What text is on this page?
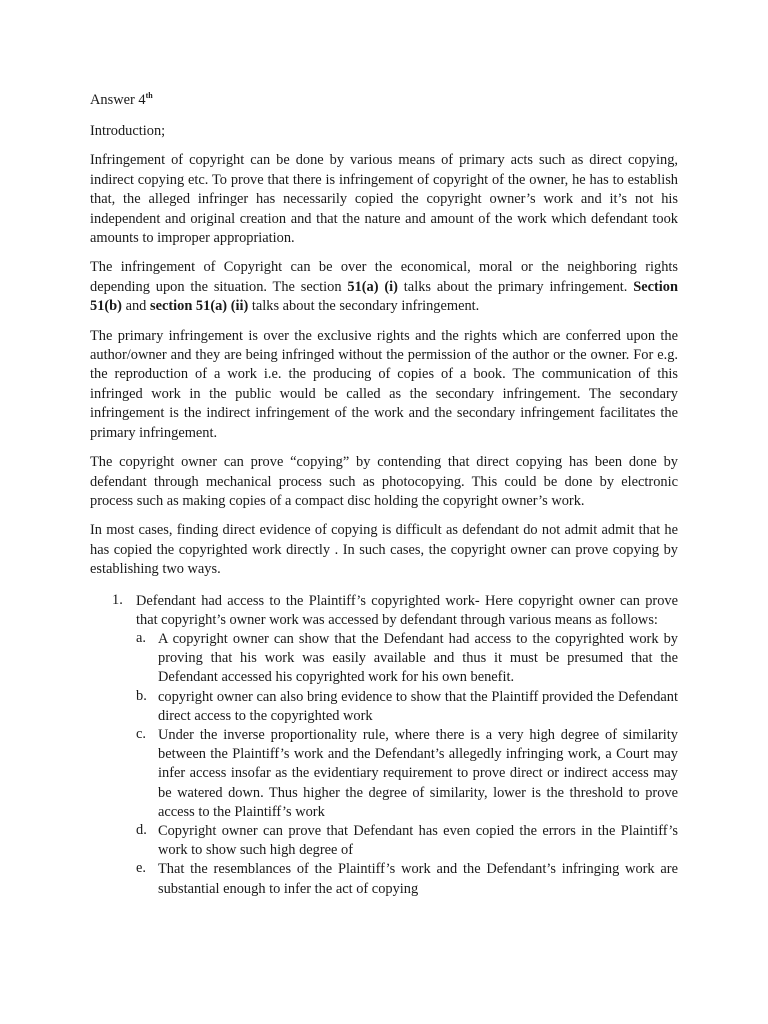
Answer 4th

Introduction;

Infringement of copyright can be done by various means of primary acts such as direct copying, indirect copying etc. To prove that there is infringement of copyright of the owner, he has to establish that, the alleged infringer has necessarily copied the copyright owner’s work and it’s not his independent and original creation and that the nature and amount of the work which defendant took amounts to improper appropriation.

The infringement of Copyright can be over the economical, moral or the neighboring rights depending upon the situation. The section 51(a) (i) talks about the primary infringement. Section 51(b) and section 51(a) (ii) talks about the secondary infringement.

The primary infringement is over the exclusive rights and the rights which are conferred upon the author/owner and they are being infringed without the permission of the author or the owner. For e.g. the reproduction of a work i.e. the producing of copies of a book. The communication of this infringed work in the public would be called as the secondary infringement. The secondary infringement is the indirect infringement of the work and the secondary infringement facilitates the primary infringement.

The copyright owner can prove “copying” by contending that direct copying has been done by defendant through mechanical process such as photocopying. This could be done by electronic process such as making copies of a compact disc holding the copyright owner’s work.

In most cases, finding direct evidence of copying is difficult as defendant do not admit admit that he has copied the copyrighted work directly . In such cases, the copyright owner can prove copying by establishing two ways.

1. Defendant had access to the Plaintiff’s copyrighted work- Here copyright owner can prove that copyright’s owner work was accessed by defendant through various means as follows:

a. A copyright owner can show that the Defendant had access to the copyrighted work by proving that his work was easily available and thus it must be presumed that the Defendant accessed his copyrighted work for his own benefit.

b. copyright owner can also bring evidence to show that the Plaintiff provided the Defendant direct access to the copyrighted work

c. Under the inverse proportionality rule, where there is a very high degree of similarity between the Plaintiff’s work and the Defendant’s allegedly infringing work, a Court may infer access insofar as the evidentiary requirement to prove direct or indirect access may be watered down. Thus higher the degree of similarity, lower is the threshold to prove access to the Plaintiff’s work

d. Copyright owner can prove that Defendant has even copied the errors in the Plaintiff’s work to show such high degree of

e. That the resemblances of the Plaintiff’s work and the Defendant’s infringing work are substantial enough to infer the act of copying
